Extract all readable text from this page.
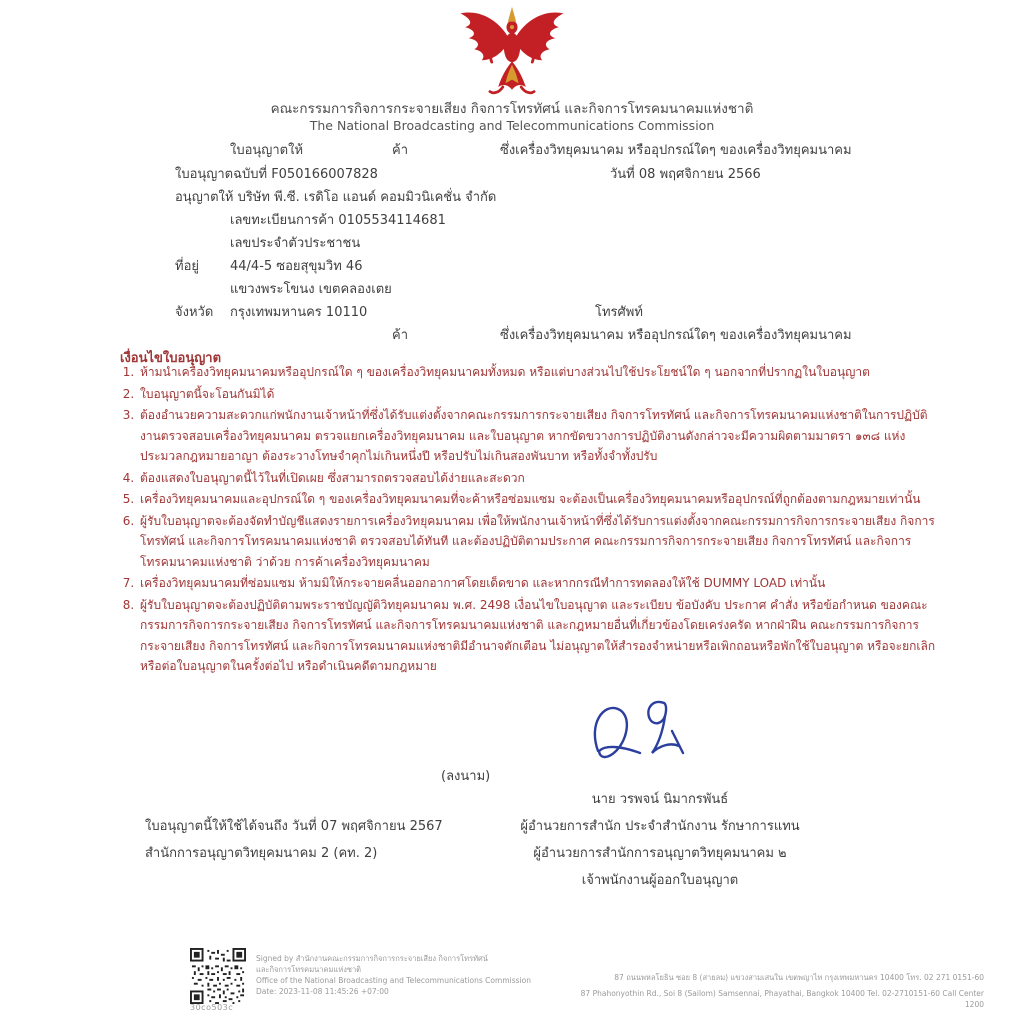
คณะกรรมการกิจการกระจายเสียง กิจการโทรทัศน์ และกิจการโทรคมนาคมแห่งชาติ
The National Broadcasting and Telecommunications Commission
ใบอนุญาตให้	ค้า	ซึ่งเครื่องวิทยุคมนาคม หรืออุปกรณ์ใดๆ ของเครื่องวิทยุคมนาคม
ใบอนุญาตฉบับที่ F050166007828	วันที่ 08 พฤศจิกายน 2566
อนุญาตให้ บริษัท พี.ซี. เรดิโอ แอนด์ คอมมิวนิเคชั่น จำกัด
เลขทะเบียนการค้า 0105534114681
เลขประจำตัวประชาชน
ที่อยู่ 44/4-5 ซอยสุขุมวิท 46
แขวงพระโขนง เขตคลองเตย
จังหวัด กรุงเทพมหานคร 10110	โทรศัพท์
ค้า	ซึ่งเครื่องวิทยุคมนาคม หรืออุปกรณ์ใดๆ ของเครื่องวิทยุคมนาคม
เงื่อนไขใบอนุญาต
1. ห้ามนำเครื่องวิทยุคมนาคมหรืออุปกรณ์ใด ๆ ของเครื่องวิทยุคมนาคมทั้งหมด หรือแต่บางส่วนไปใช้ประโยชน์ใด ๆ นอกจากที่ปรากฏในใบอนุญาต
2. ใบอนุญาตนี้จะโอนกันมิได้
3. ต้องอำนวยความสะดวกแก่พนักงานเจ้าหน้าที่ซึ่งได้รับแต่งตั้งจากคณะกรรมการกระจายเสียง กิจการโทรทัศน์ และกิจการโทรคมนาคมแห่งชาติในการปฏิบัติงานตรวจสอบเครื่องวิทยุคมนาคม ตรวจแยกเครื่องวิทยุคมนาคม และใบอนุญาต หากขัดขวางการปฏิบัติงานดังกล่าวจะมีความผิดตามมาตรา ๑๓๘ แห่งประมวลกฎหมายอาญา ต้องระวางโทษจำคุกไม่เกินหนึ่งปี หรือปรับไม่เกินสองพันบาท หรือทั้งจำทั้งปรับ
4. ต้องแสดงใบอนุญาตนี้ไว้ในที่เปิดเผย ซึ่งสามารถตรวจสอบได้ง่ายและสะดวก
5. เครื่องวิทยุคมนาคมและอุปกรณ์ใด ๆ ของเครื่องวิทยุคมนาคมที่จะค้าหรือซ่อมแซม จะต้องเป็นเครื่องวิทยุคมนาคมหรืออุปกรณ์ที่ถูกต้องตามกฎหมายเท่านั้น
6. ผู้รับใบอนุญาตจะต้องจัดทำบัญชีแสดงรายการเครื่องวิทยุคมนาคม เพื่อให้พนักงานเจ้าหน้าที่ซึ่งได้รับการแต่งตั้งจากคณะกรรมการกิจการกระจายเสียง กิจการโทรทัศน์ และกิจการโทรคมนาคมแห่งชาติ ตรวจสอบได้ทันที และต้องปฏิบัติตามประกาศ คณะกรรมการกิจการกระจายเสียง กิจการโทรทัศน์ และกิจการโทรคมนาคมแห่งชาติ ว่าด้วย การค้าเครื่องวิทยุคมนาคม
7. เครื่องวิทยุคมนาคมที่ซ่อมแซม ห้ามมิให้กระจายคลื่นออกอากาศโดยเด็ดขาด และหากกรณีทำการทดลองให้ใช้ DUMMY LOAD เท่านั้น
8. ผู้รับใบอนุญาตจะต้องปฏิบัติตามพระราชบัญญัติวิทยุคมนาคม พ.ศ. 2498 เงื่อนไขใบอนุญาต และระเบียบ ข้อบังคับ ประกาศ คำสั่ง หรือข้อกำหนด ของคณะกรรมการกิจการกระจายเสียง กิจการโทรทัศน์ และกิจการโทรคมนาคมแห่งชาติ และกฎหมายอื่นที่เกี่ยวข้องโดยเคร่งครัด หากฝ่าฝืน คณะกรรมการกิจการกระจายเสียง กิจการโทรทัศน์ และกิจการโทรคมนาคมแห่งชาติมีอำนาจตักเตือน ไม่อนุญาตให้สำรองจำหน่ายหรือเพิกถอนหรือพักใช้ใบอนุญาต หรือจะยกเลิกหรือต่อใบอนุญาตในครั้งต่อไป หรือดำเนินคดีตามกฎหมาย
(ลงนาม)
นาย วรพจน์ นิมากรพันธ์
ผู้อำนวยการสำนัก ประจำสำนักงาน รักษาการแทน
ผู้อำนวยการสำนักการอนุญาตวิทยุคมนาคม ๒
เจ้าพนักงานผู้ออกใบอนุญาต
ใบอนุญาตนี้ให้ใช้ได้จนถึง วันที่ 07 พฤศจิกายน 2567
สำนักการอนุญาตวิทยุคมนาคม 2 (คท. 2)
30co503c
Signed by สำนักงานคณะกรรมการกิจการกระจายเสียง กิจการโทรทัศน์
และกิจการโทรคมนาคมแห่งชาติ
Office of the National Broadcasting and Telecommunications Commission
Date: 2023-11-08 11:45:26 +07:00
87 ถนนพหลโยธิน ซอย 8 (สายลม) แขวงสามเสนใน เขตพญาไท กรุงเทพมหานคร 10400 โทร. 02 271 0151-60
87 Phahonyothin Rd., Soi 8 (Sailom) Samsennai, Phayathai, Bangkok 10400 Tel. 02-2710151-60 Call Center 1200
